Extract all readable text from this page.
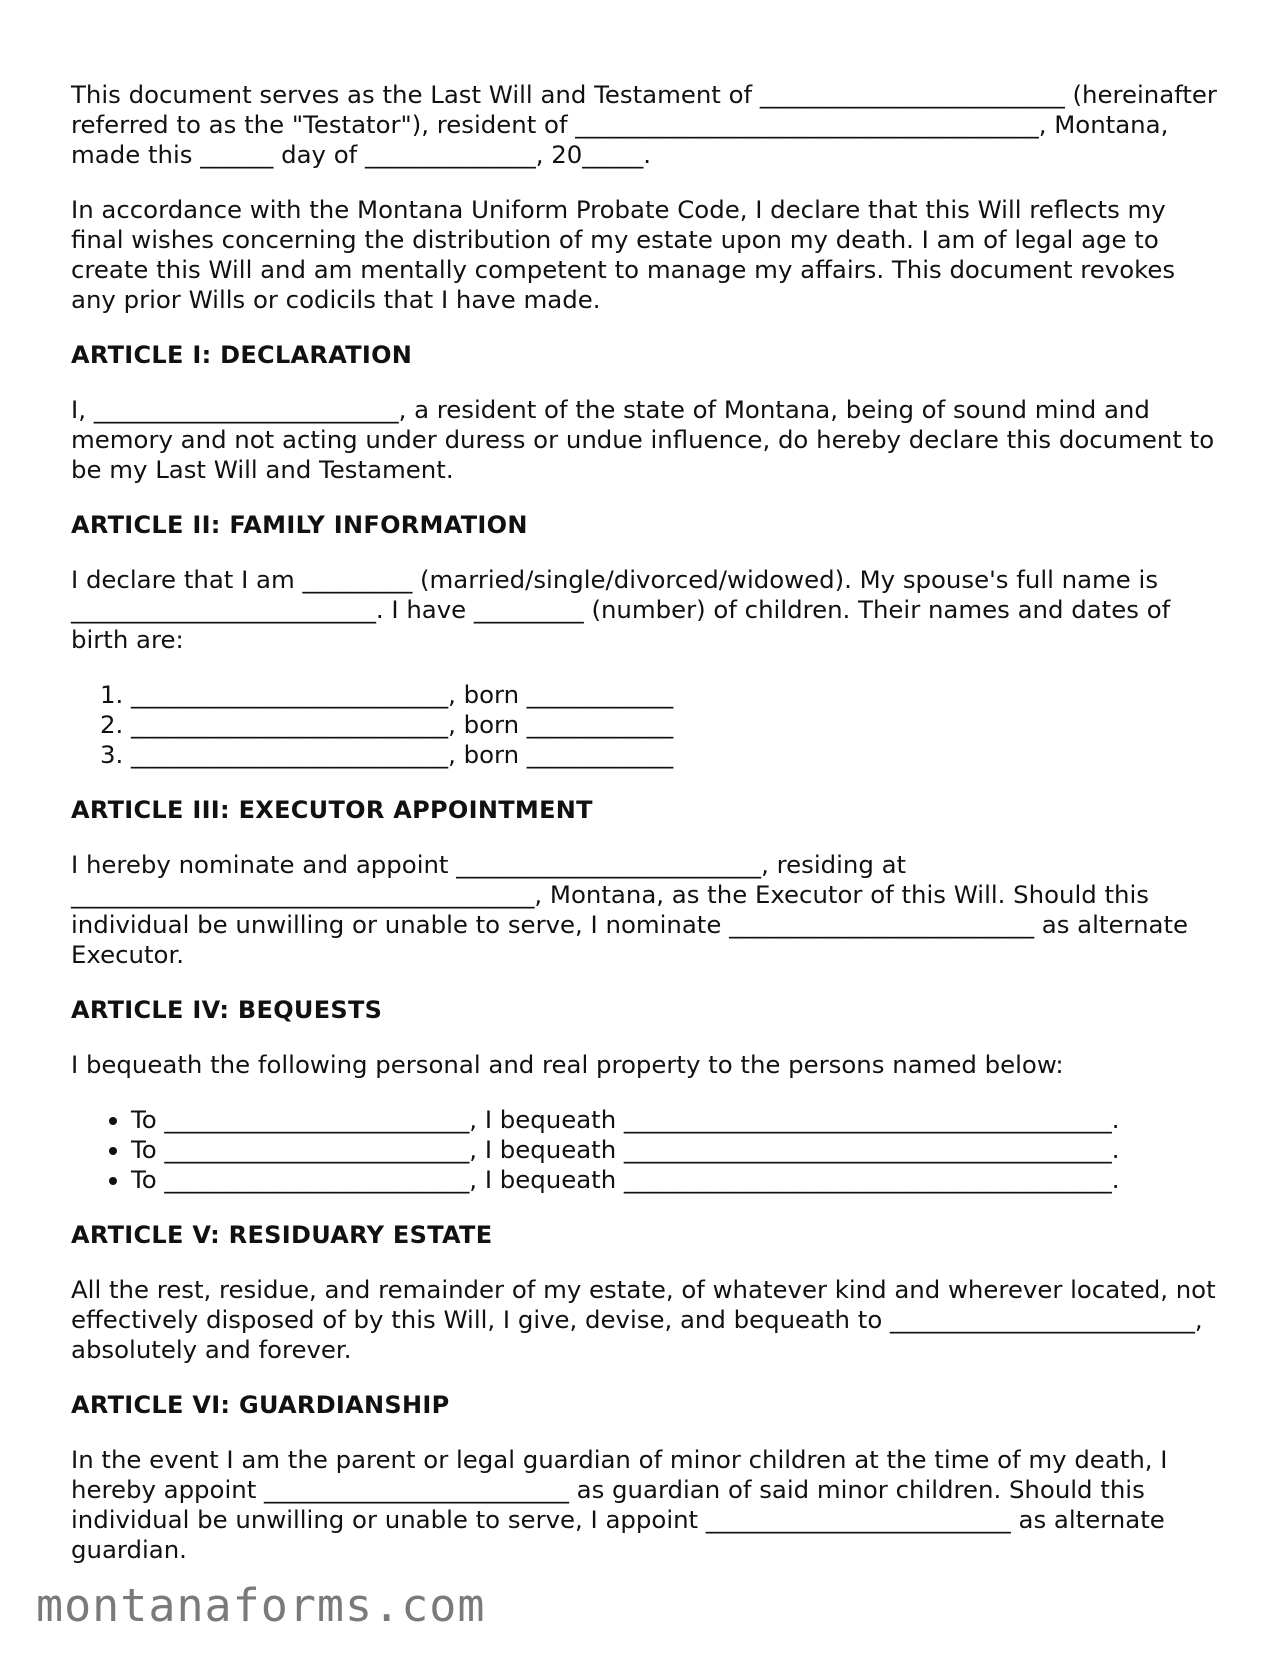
This document serves as the Last Will and Testament of _________________________ (hereinafter referred to as the "Testator"), resident of ______________________________________, Montana, made this ______ day of ______________, 20_____.

In accordance with the Montana Uniform Probate Code, I declare that this Will reflects my final wishes concerning the distribution of my estate upon my death. I am of legal age to create this Will and am mentally competent to manage my affairs. This document revokes any prior Wills or codicils that I have made.

ARTICLE I: DECLARATION

I, _________________________, a resident of the state of Montana, being of sound mind and memory and not acting under duress or undue influence, do hereby declare this document to be my Last Will and Testament.

ARTICLE II: FAMILY INFORMATION

I declare that I am _________ (married/single/divorced/widowed). My spouse's full name is _________________________. I have _________ (number) of children. Their names and dates of birth are:

1. __________________________, born ____________
2. __________________________, born ____________
3. __________________________, born ____________
ARTICLE III: EXECUTOR APPOINTMENT

I hereby nominate and appoint _________________________, residing at ______________________________________, Montana, as the Executor of this Will. Should this individual be unwilling or unable to serve, I nominate _________________________ as alternate Executor.

ARTICLE IV: BEQUESTS

I bequeath the following personal and real property to the persons named below:

• To _________________________, I bequeath ________________________________________.
• To _________________________, I bequeath ________________________________________.
• To _________________________, I bequeath ________________________________________.
ARTICLE V: RESIDUARY ESTATE

All the rest, residue, and remainder of my estate, of whatever kind and wherever located, not effectively disposed of by this Will, I give, devise, and bequeath to _________________________, absolutely and forever.

ARTICLE VI: GUARDIANSHIP

In the event I am the parent or legal guardian of minor children at the time of my death, I hereby appoint _________________________ as guardian of said minor children. Should this individual be unwilling or unable to serve, I appoint _________________________ as alternate guardian.

montanaforms.com
